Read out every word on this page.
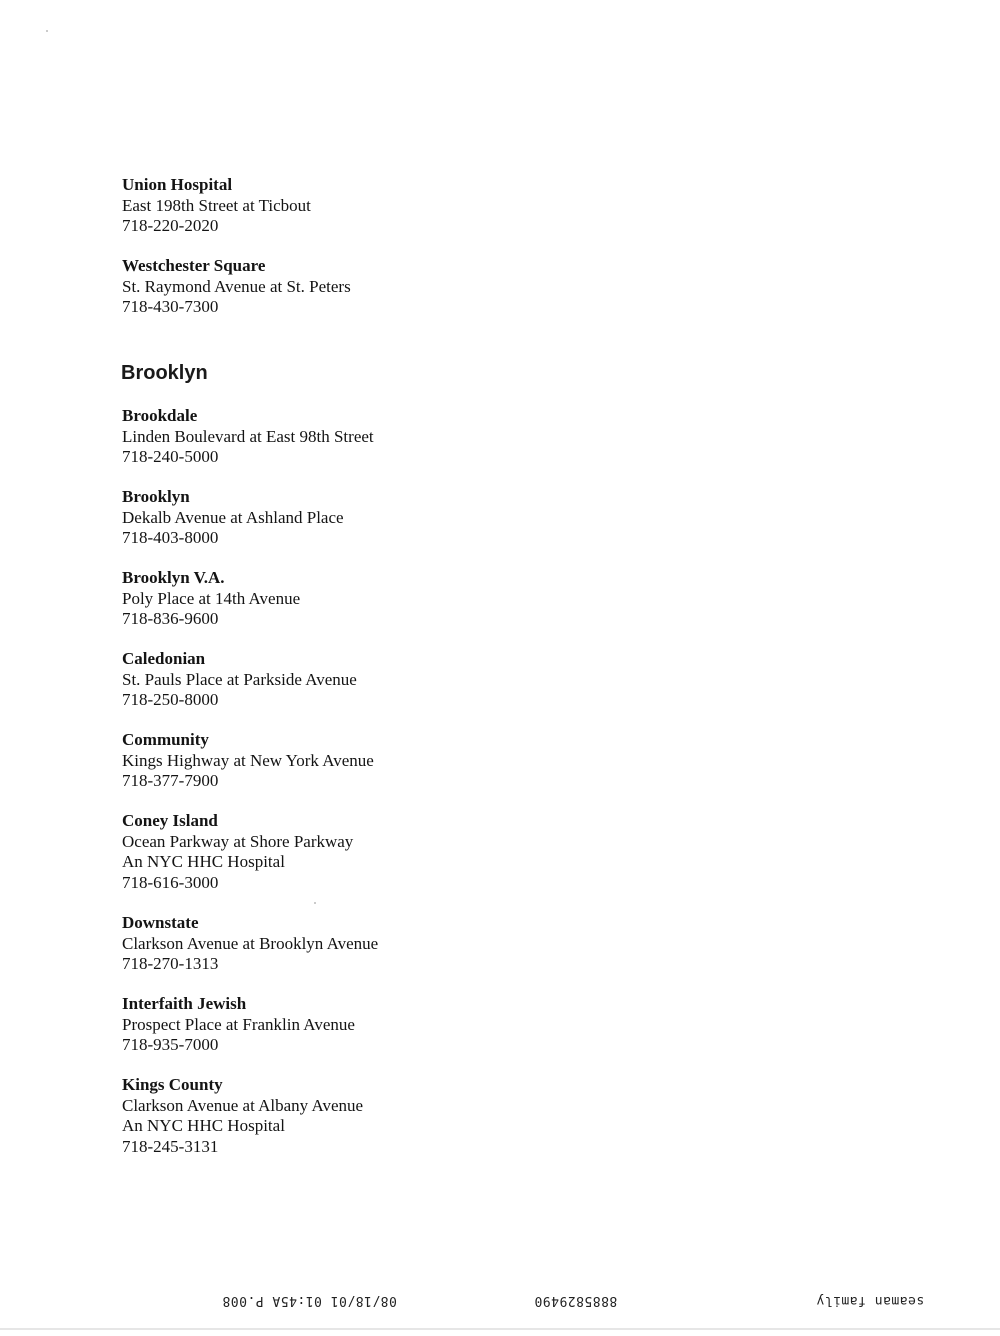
Union Hospital
East 198th Street at Ticbout
718-220-2020
Westchester Square
St. Raymond Avenue at St. Peters
718-430-7300
Brooklyn
Brookdale
Linden Boulevard at East 98th Street
718-240-5000
Brooklyn
Dekalb Avenue at Ashland Place
718-403-8000
Brooklyn V.A.
Poly Place at 14th Avenue
718-836-9600
Caledonian
St. Pauls Place at Parkside Avenue
718-250-8000
Community
Kings Highway at New York Avenue
718-377-7900
Coney Island
Ocean Parkway at Shore Parkway
An NYC HHC Hospital
718-616-3000
Downstate
Clarkson Avenue at Brooklyn Avenue
718-270-1313
Interfaith Jewish
Prospect Place at Franklin Avenue
718-935-7000
Kings County
Clarkson Avenue at Albany Avenue
An NYC HHC Hospital
718-245-3131
08/18/01 01:45A P.008	8885829490	seaman family
